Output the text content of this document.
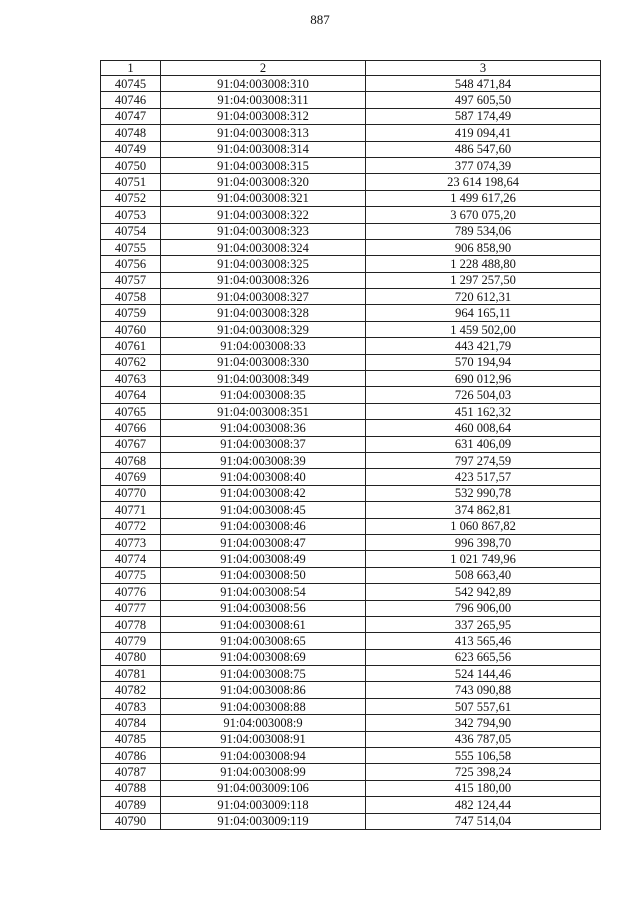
887
1	2	3
40745	91:04:003008:310	548 471,84
40746	91:04:003008:311	497 605,50
40747	91:04:003008:312	587 174,49
40748	91:04:003008:313	419 094,41
40749	91:04:003008:314	486 547,60
40750	91:04:003008:315	377 074,39
40751	91:04:003008:320	23 614 198,64
40752	91:04:003008:321	1 499 617,26
40753	91:04:003008:322	3 670 075,20
40754	91:04:003008:323	789 534,06
40755	91:04:003008:324	906 858,90
40756	91:04:003008:325	1 228 488,80
40757	91:04:003008:326	1 297 257,50
40758	91:04:003008:327	720 612,31
40759	91:04:003008:328	964 165,11
40760	91:04:003008:329	1 459 502,00
40761	91:04:003008:33	443 421,79
40762	91:04:003008:330	570 194,94
40763	91:04:003008:349	690 012,96
40764	91:04:003008:35	726 504,03
40765	91:04:003008:351	451 162,32
40766	91:04:003008:36	460 008,64
40767	91:04:003008:37	631 406,09
40768	91:04:003008:39	797 274,59
40769	91:04:003008:40	423 517,57
40770	91:04:003008:42	532 990,78
40771	91:04:003008:45	374 862,81
40772	91:04:003008:46	1 060 867,82
40773	91:04:003008:47	996 398,70
40774	91:04:003008:49	1 021 749,96
40775	91:04:003008:50	508 663,40
40776	91:04:003008:54	542 942,89
40777	91:04:003008:56	796 906,00
40778	91:04:003008:61	337 265,95
40779	91:04:003008:65	413 565,46
40780	91:04:003008:69	623 665,56
40781	91:04:003008:75	524 144,46
40782	91:04:003008:86	743 090,88
40783	91:04:003008:88	507 557,61
40784	91:04:003008:9	342 794,90
40785	91:04:003008:91	436 787,05
40786	91:04:003008:94	555 106,58
40787	91:04:003008:99	725 398,24
40788	91:04:003009:106	415 180,00
40789	91:04:003009:118	482 124,44
40790	91:04:003009:119	747 514,04
